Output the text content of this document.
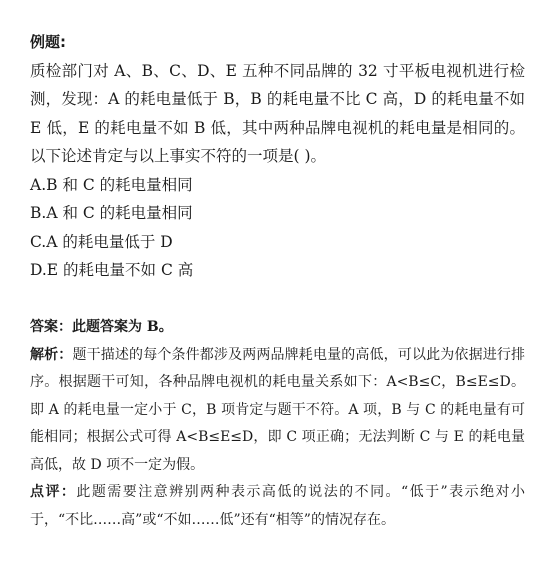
例题:

质检部门对 A、B、C、D、E 五种不同品牌的 32 寸平板电视机进行检测，发现：A 的耗电量低于 B，B 的耗电量不比 C 高，D 的耗电量不如 E 低，E 的耗电量不如 B 低，其中两种品牌电视机的耗电量是相同的。以下论述肯定与以上事实不符的一项是( )。

A.B 和 C 的耗电量相同

B.A 和 C 的耗电量相同

C.A 的耗电量低于 D

D.E 的耗电量不如 C 高

答案：此题答案为 B。

解析：题干描述的每个条件都涉及两两品牌耗电量的高低，可以此为依据进行排序。根据题干可知，各种品牌电视机的耗电量关系如下：A<B≤C，B≤E≤D。即 A 的耗电量一定小于 C，B 项肯定与题干不符。A 项，B 与 C 的耗电量有可能相同；根据公式可得 A<B≤E≤D，即 C 项正确；无法判断 C 与 E 的耗电量高低，故 D 项不一定为假。

点评：此题需要注意辨别两种表示高低的说法的不同。“低于”表示绝对小于，“不比……高”或“不如……低”还有“相等”的情况存在。
